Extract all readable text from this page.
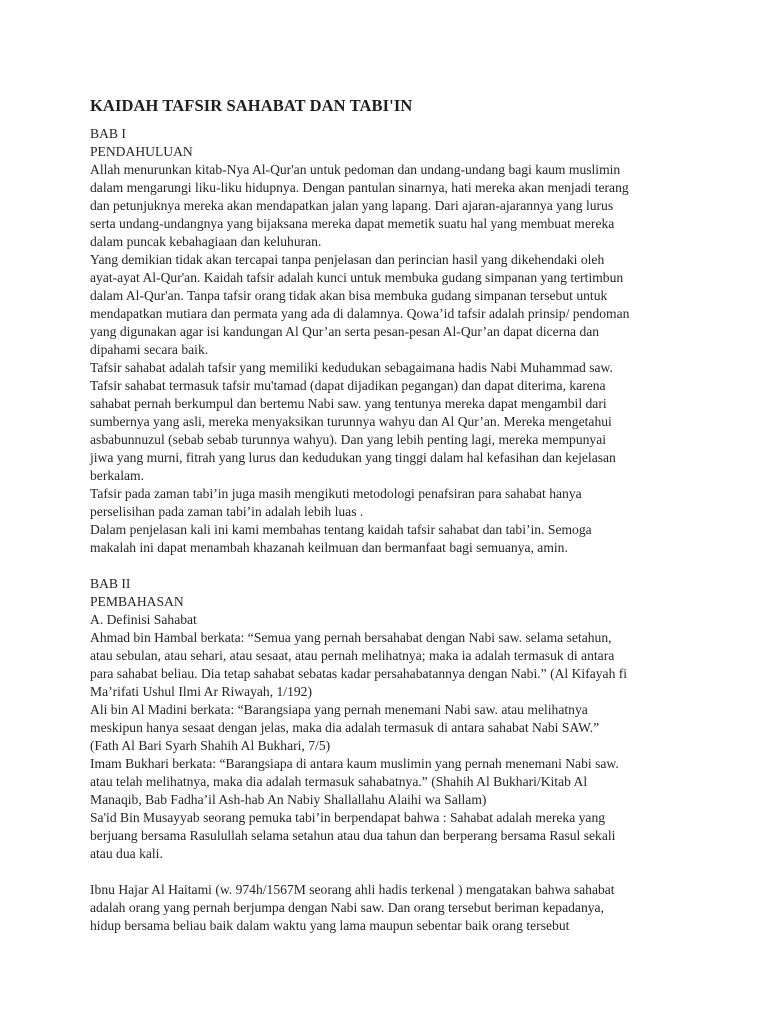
KAIDAH TAFSIR SAHABAT DAN TABI'IN
BAB I
PENDAHULUAN
Allah menurunkan kitab-Nya Al-Qur'an untuk pedoman dan undang-undang bagi kaum muslimin
dalam mengarungi liku-liku hidupnya. Dengan pantulan sinarnya, hati mereka akan menjadi terang
dan petunjuknya mereka akan mendapatkan jalan yang lapang. Dari ajaran-ajarannya yang lurus
serta undang-undangnya yang bijaksana mereka dapat memetik suatu hal yang membuat mereka
dalam puncak kebahagiaan dan keluhuran.
Yang demikian tidak akan tercapai tanpa penjelasan dan perincian hasil yang dikehendaki oleh
ayat-ayat Al-Qur'an. Kaidah tafsir adalah kunci untuk membuka gudang simpanan yang tertimbun
dalam Al-Qur'an. Tanpa tafsir orang tidak akan bisa membuka gudang simpanan tersebut untuk
mendapatkan mutiara dan permata yang ada di dalamnya. Qowa’id tafsir adalah prinsip/ pendoman
yang digunakan agar isi kandungan Al Qur’an serta pesan-pesan Al-Qur’an dapat dicerna dan
dipahami secara baik.
Tafsir sahabat adalah tafsir yang memiliki kedudukan sebagaimana hadis Nabi Muhammad saw.
Tafsir sahabat termasuk tafsir mu'tamad (dapat dijadikan pegangan) dan dapat diterima, karena
sahabat pernah berkumpul dan bertemu Nabi saw. yang tentunya mereka dapat mengambil dari
sumbernya yang asli, mereka menyaksikan turunnya wahyu dan Al Qur’an. Mereka mengetahui
asbabunnuzul (sebab sebab turunnya wahyu). Dan yang lebih penting lagi, mereka mempunyai
jiwa yang murni, fitrah yang lurus dan kedudukan yang tinggi dalam hal kefasihan dan kejelasan
berkalam.
Tafsir pada zaman tabi’in juga masih mengikuti metodologi penafsiran para sahabat hanya
perselisihan pada zaman tabi’in adalah lebih luas .
Dalam penjelasan kali ini kami membahas tentang kaidah tafsir sahabat dan tabi’in. Semoga
makalah ini dapat menambah khazanah keilmuan dan bermanfaat bagi semuanya, amin.
BAB II
PEMBAHASAN
A. Definisi Sahabat
Ahmad bin Hambal berkata: “Semua yang pernah bersahabat dengan Nabi saw. selama setahun,
atau sebulan, atau sehari, atau sesaat, atau pernah melihatnya; maka ia adalah termasuk di antara
para sahabat beliau. Dia tetap sahabat sebatas kadar persahabatannya dengan Nabi.” (Al Kifayah fi
Ma’rifati Ushul Ilmi Ar Riwayah, 1/192)
Ali bin Al Madini berkata: “Barangsiapa yang pernah menemani Nabi saw. atau melihatnya
meskipun hanya sesaat dengan jelas, maka dia adalah termasuk di antara sahabat Nabi SAW.”
(Fath Al Bari Syarh Shahih Al Bukhari, 7/5)
Imam Bukhari berkata: “Barangsiapa di antara kaum muslimin yang pernah menemani Nabi saw.
atau telah melihatnya, maka dia adalah termasuk sahabatnya.” (Shahih Al Bukhari/Kitab Al
Manaqib, Bab Fadha’il Ash-hab An Nabiy Shallallahu Alaihi wa Sallam)
Sa'id Bin Musayyab seorang pemuka tabi’in berpendapat bahwa : Sahabat adalah mereka yang
berjuang bersama Rasulullah selama setahun atau dua tahun dan berperang bersama Rasul sekali
atau dua kali.
Ibnu Hajar Al Haitami (w. 974h/1567M seorang ahli hadis terkenal ) mengatakan bahwa sahabat
adalah orang yang pernah berjumpa dengan Nabi saw. Dan orang tersebut beriman kepadanya,
hidup bersama beliau baik dalam waktu yang lama maupun sebentar baik orang tersebut
